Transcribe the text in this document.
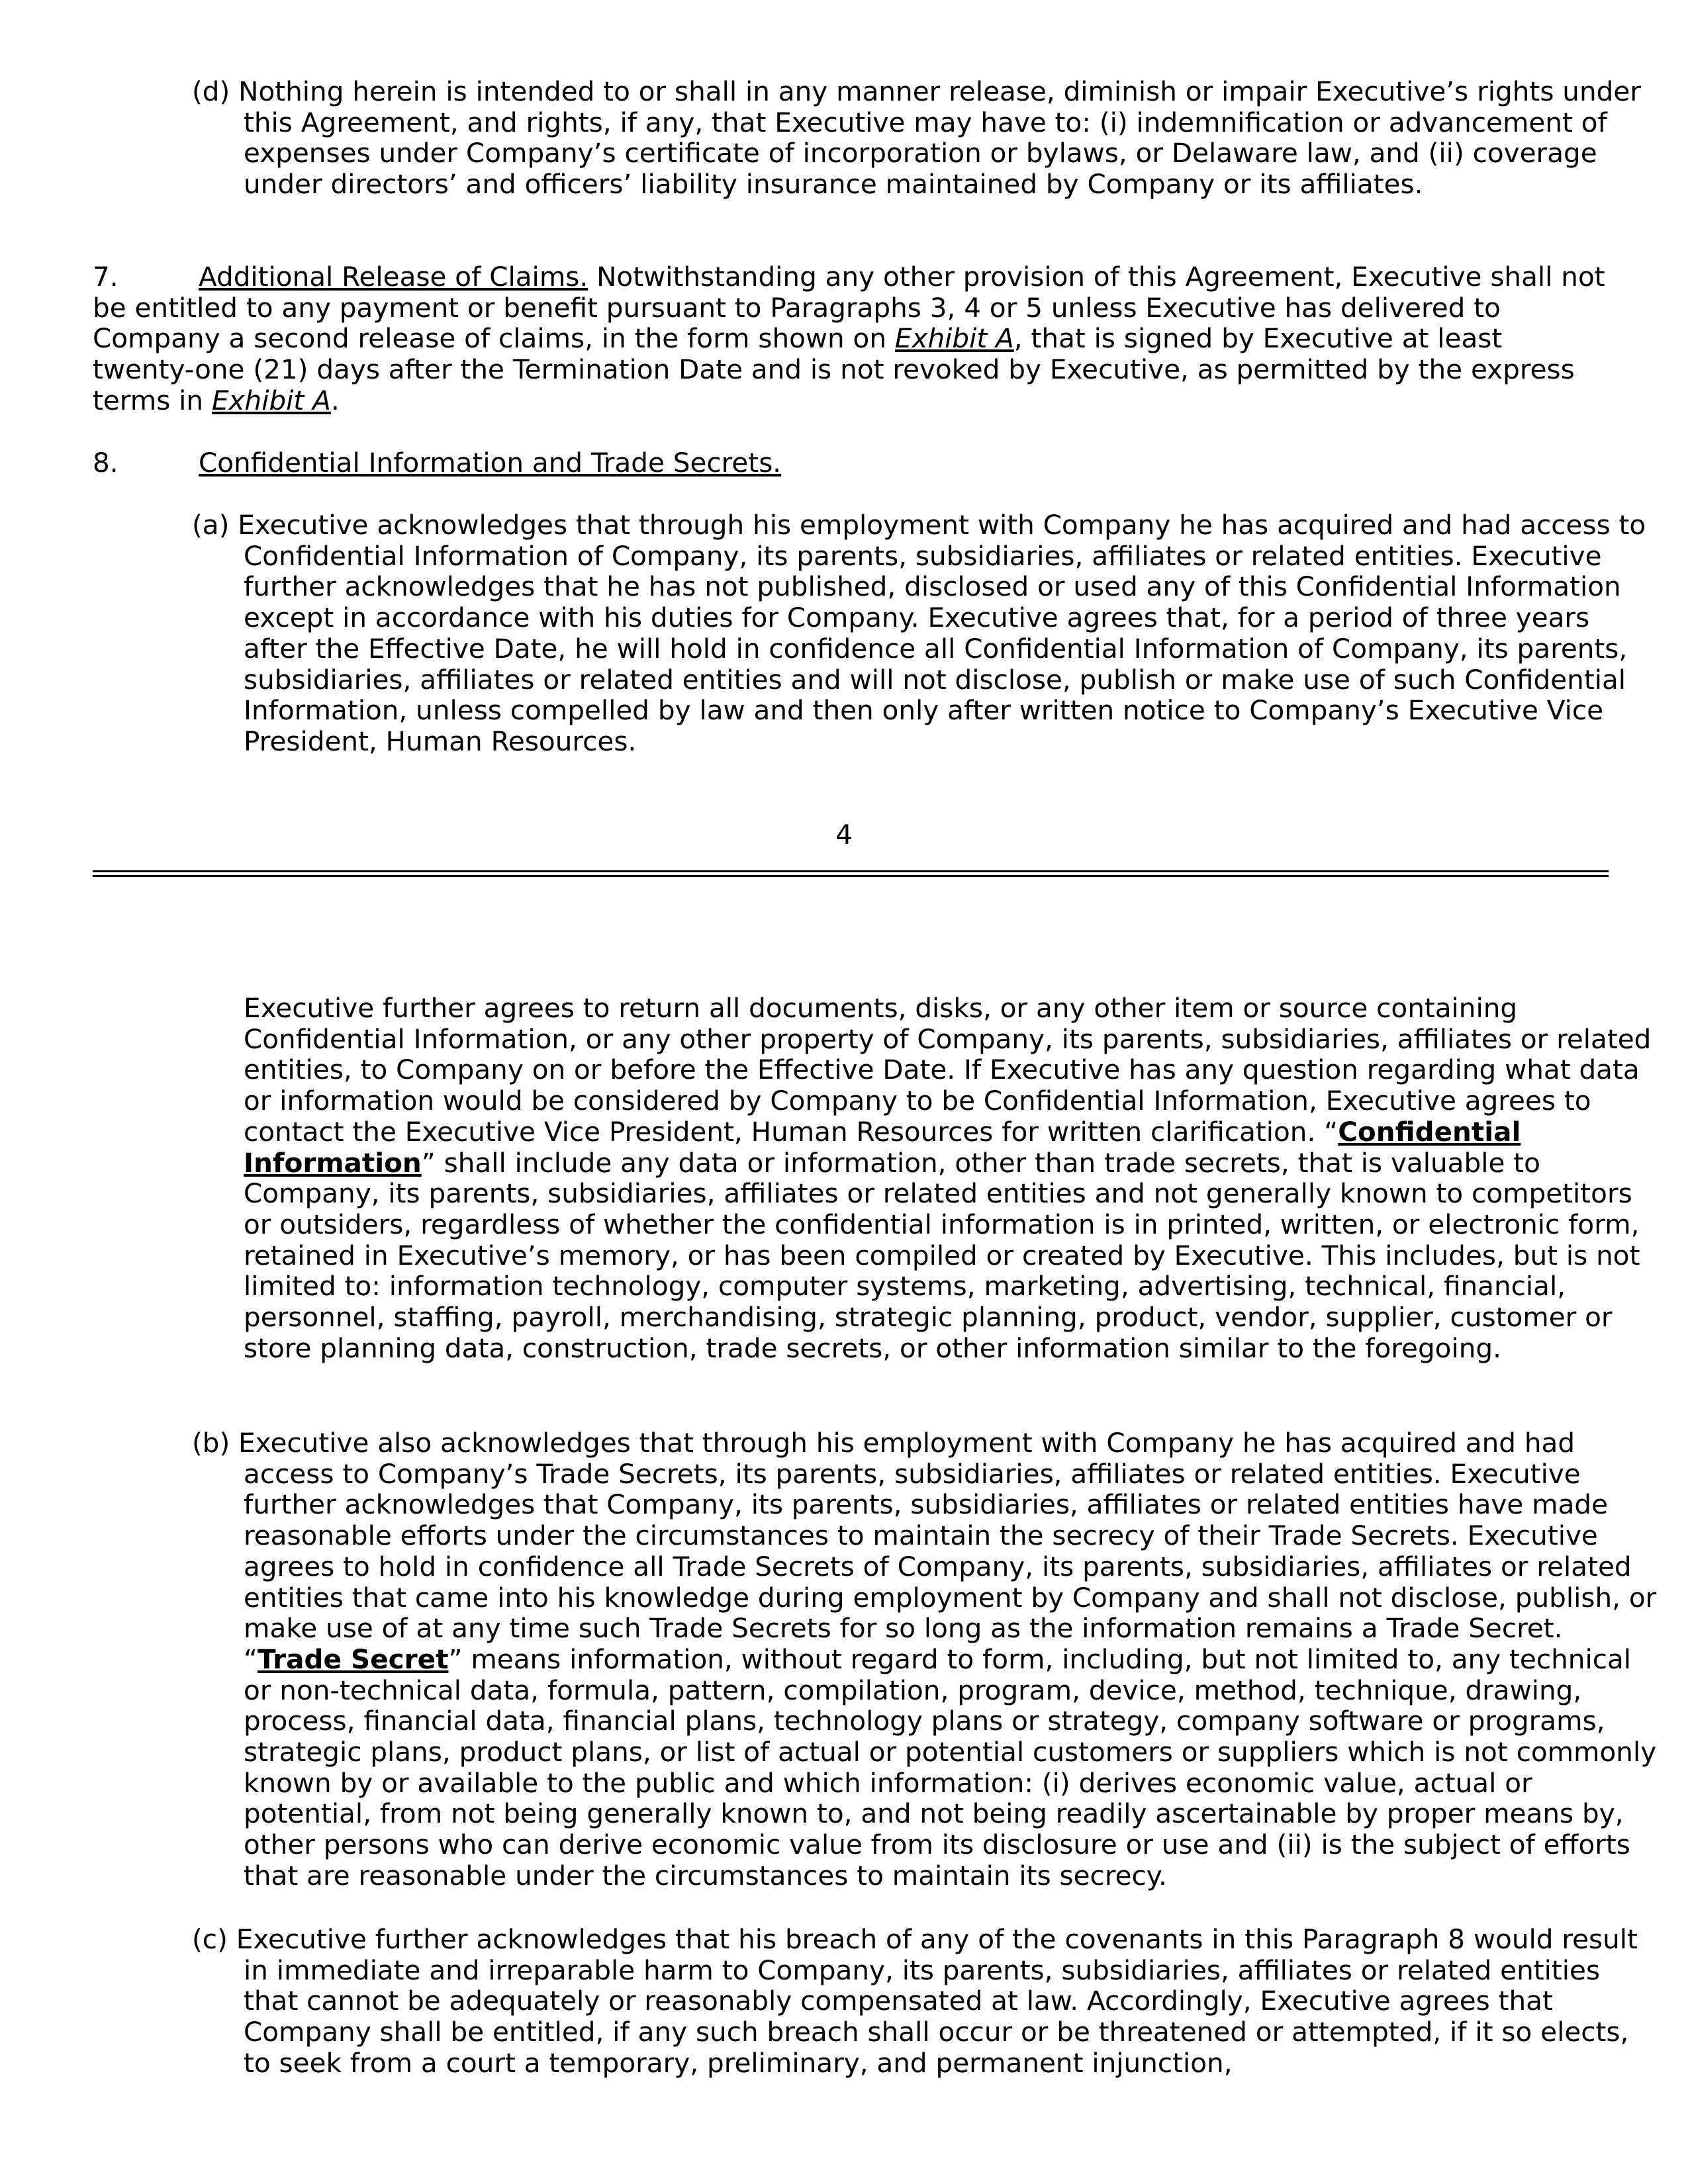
(d) Nothing herein is intended to or shall in any manner release, diminish or impair Executive’s rights under this Agreement, and rights, if any, that Executive may have to: (i) indemnification or advancement of expenses under Company’s certificate of incorporation or bylaws, or Delaware law, and (ii) coverage under directors’ and officers’ liability insurance maintained by Company or its affiliates.

7.	Additional Release of Claims. Notwithstanding any other provision of this Agreement, Executive shall not be entitled to any payment or benefit pursuant to Paragraphs 3, 4 or 5 unless Executive has delivered to Company a second release of claims, in the form shown on Exhibit A, that is signed by Executive at least twenty-one (21) days after the Termination Date and is not revoked by Executive, as permitted by the express terms in Exhibit A.

8.	Confidential Information and Trade Secrets.

(a) Executive acknowledges that through his employment with Company he has acquired and had access to Confidential Information of Company, its parents, subsidiaries, affiliates or related entities. Executive further acknowledges that he has not published, disclosed or used any of this Confidential Information except in accordance with his duties for Company. Executive agrees that, for a period of three years after the Effective Date, he will hold in confidence all Confidential Information of Company, its parents, subsidiaries, affiliates or related entities and will not disclose, publish or make use of such Confidential Information, unless compelled by law and then only after written notice to Company’s Executive Vice President, Human Resources.

4

Executive further agrees to return all documents, disks, or any other item or source containing Confidential Information, or any other property of Company, its parents, subsidiaries, affiliates or related entities, to Company on or before the Effective Date. If Executive has any question regarding what data or information would be considered by Company to be Confidential Information, Executive agrees to contact the Executive Vice President, Human Resources for written clarification. “Confidential Information” shall include any data or information, other than trade secrets, that is valuable to Company, its parents, subsidiaries, affiliates or related entities and not generally known to competitors or outsiders, regardless of whether the confidential information is in printed, written, or electronic form, retained in Executive’s memory, or has been compiled or created by Executive. This includes, but is not limited to: information technology, computer systems, marketing, advertising, technical, financial, personnel, staffing, payroll, merchandising, strategic planning, product, vendor, supplier, customer or store planning data, construction, trade secrets, or other information similar to the foregoing.

(b) Executive also acknowledges that through his employment with Company he has acquired and had access to Company’s Trade Secrets, its parents, subsidiaries, affiliates or related entities. Executive further acknowledges that Company, its parents, subsidiaries, affiliates or related entities have made reasonable efforts under the circumstances to maintain the secrecy of their Trade Secrets. Executive agrees to hold in confidence all Trade Secrets of Company, its parents, subsidiaries, affiliates or related entities that came into his knowledge during employment by Company and shall not disclose, publish, or make use of at any time such Trade Secrets for so long as the information remains a Trade Secret. “Trade Secret” means information, without regard to form, including, but not limited to, any technical or non-technical data, formula, pattern, compilation, program, device, method, technique, drawing, process, financial data, financial plans, technology plans or strategy, company software or programs, strategic plans, product plans, or list of actual or potential customers or suppliers which is not commonly known by or available to the public and which information: (i) derives economic value, actual or potential, from not being generally known to, and not being readily ascertainable by proper means by, other persons who can derive economic value from its disclosure or use and (ii) is the subject of efforts that are reasonable under the circumstances to maintain its secrecy.

(c) Executive further acknowledges that his breach of any of the covenants in this Paragraph 8 would result in immediate and irreparable harm to Company, its parents, subsidiaries, affiliates or related entities that cannot be adequately or reasonably compensated at law. Accordingly, Executive agrees that Company shall be entitled, if any such breach shall occur or be threatened or attempted, if it so elects, to seek from a court a temporary, preliminary, and permanent injunction,
